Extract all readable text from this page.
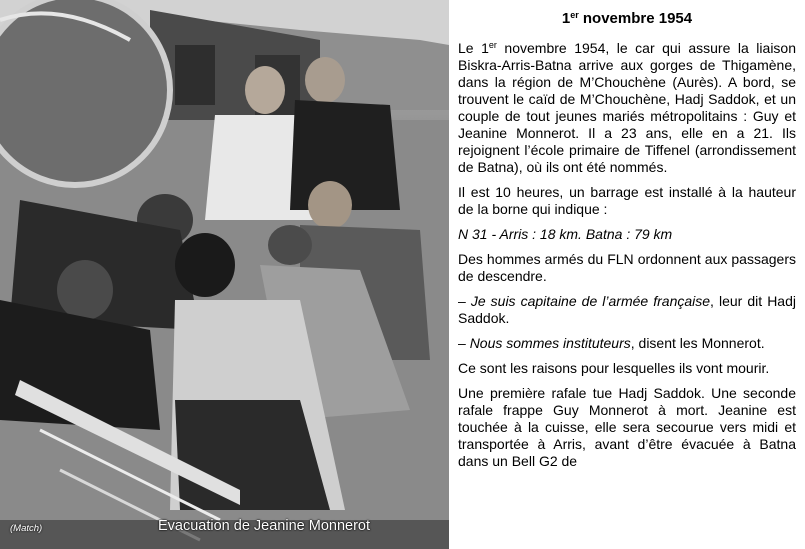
(Match)	Evacuation de Jeanine Monnerot
1er novembre 1954

Le 1er novembre 1954, le car qui assure la liaison Biskra-Arris-Batna arrive aux gorges de Thigamène, dans la région de M’Chouchène (Aurès). A bord, se trouvent le caïd de M’Chouchène, Hadj Saddok, et un couple de tout jeunes mariés métropolitains : Guy et Jeanine Monnerot. Il a 23 ans, elle en a 21. Ils rejoignent l’école primaire de Tiffenel (arrondissement de Batna), où ils ont été nommés.

Il est 10 heures, un barrage est installé à la hauteur de la borne qui indique :

N 31 - Arris : 18 km. Batna : 79 km

Des hommes armés du FLN ordonnent aux passagers de descendre.

– Je suis capitaine de l’armée française, leur dit Hadj Saddok.

– Nous sommes instituteurs, disent les Monnerot.

Ce sont les raisons pour lesquelles ils vont mourir.

Une première rafale tue Hadj Saddok. Une seconde rafale frappe Guy Monnerot à mort. Jeanine est touchée à la cuisse, elle sera secourue vers midi et transportée à Arris, avant d’être évacuée à Batna dans un Bell G2 de
